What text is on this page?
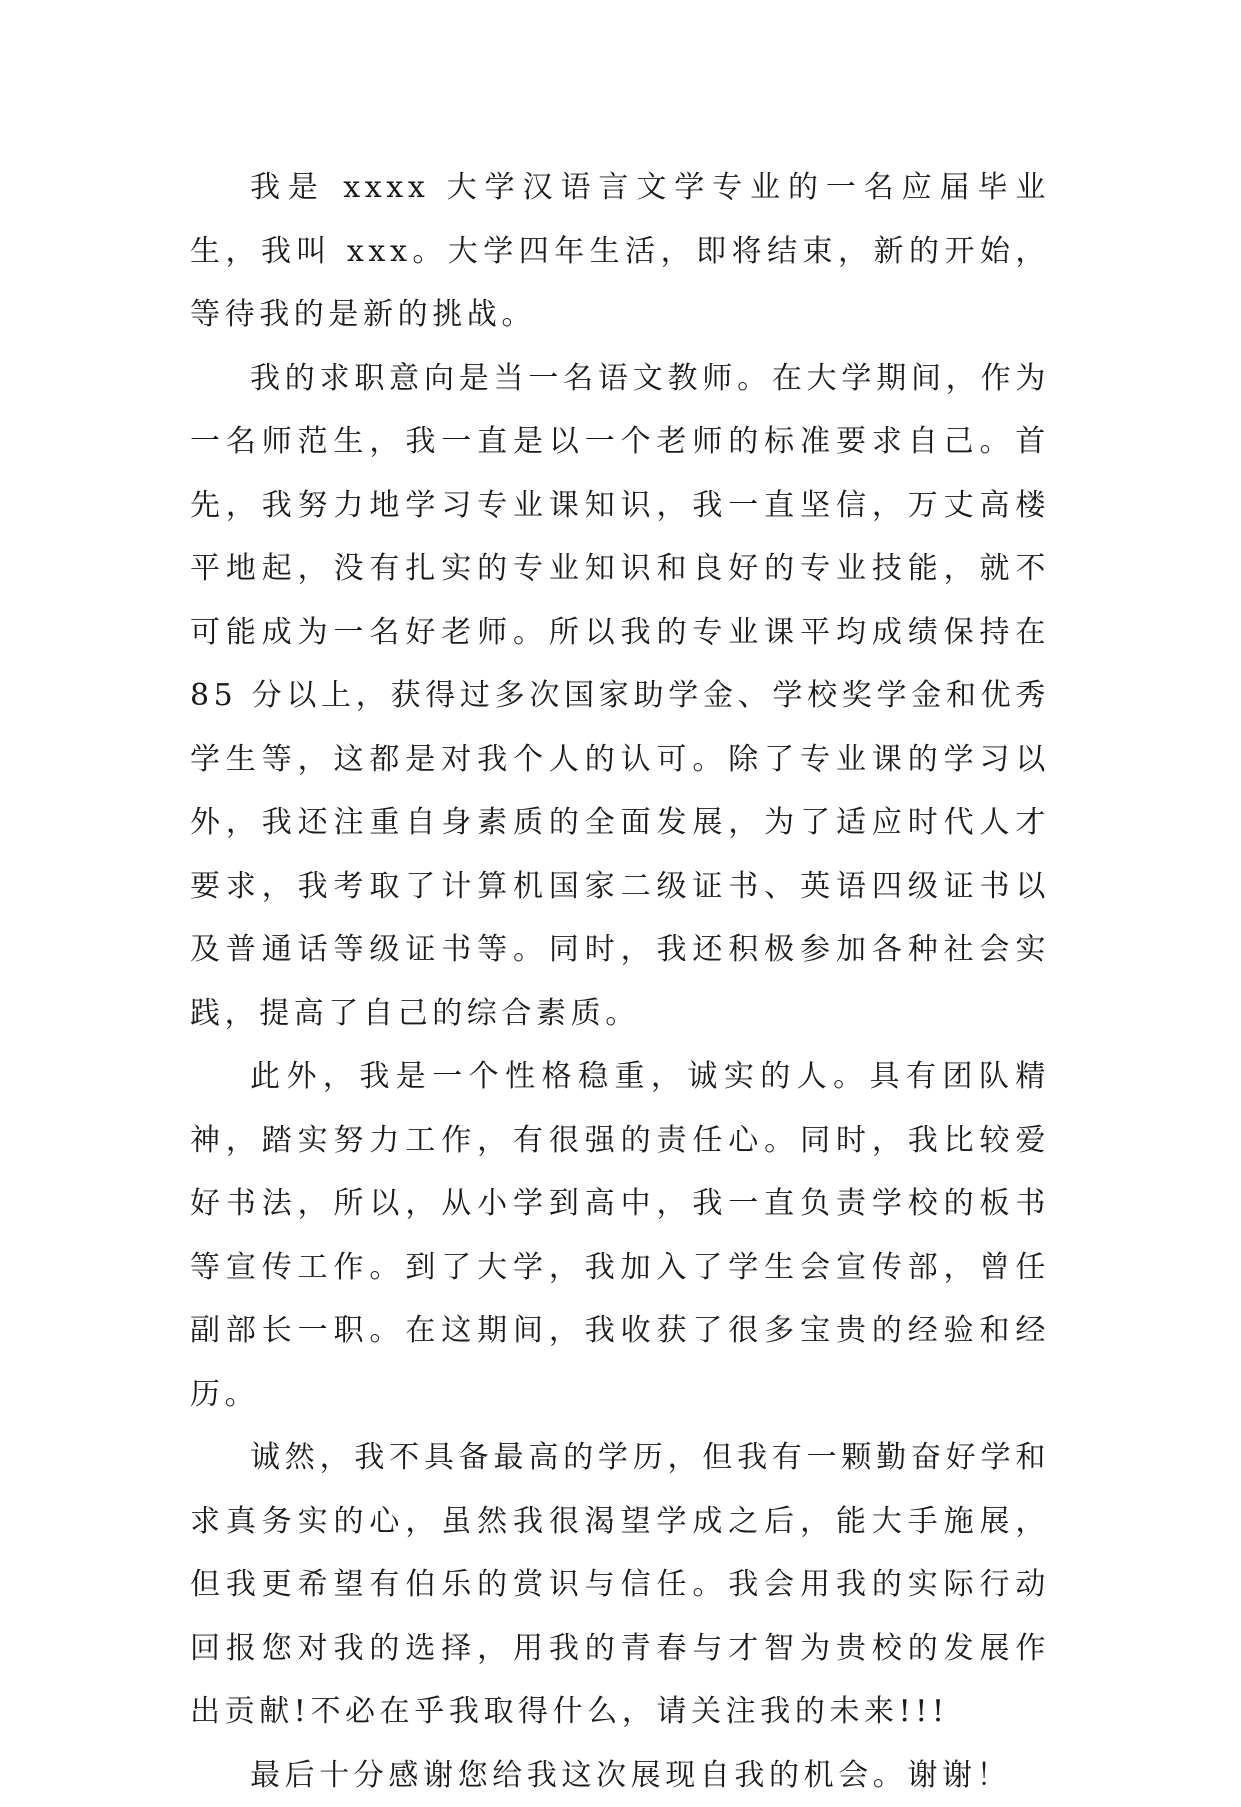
我是 xxxx 大学汉语言文学专业的一名应届毕业生，我叫 xxx。大学四年生活，即将结束，新的开始，等待我的是新的挑战。

我的求职意向是当一名语文教师。在大学期间，作为一名师范生，我一直是以一个老师的标准要求自己。首先，我努力地学习专业课知识，我一直坚信，万丈高楼平地起，没有扎实的专业知识和良好的专业技能，就不可能成为一名好老师。所以我的专业课平均成绩保持在 85 分以上，获得过多次国家助学金、学校奖学金和优秀学生等，这都是对我个人的认可。除了专业课的学习以外，我还注重自身素质的全面发展，为了适应时代人才要求，我考取了计算机国家二级证书、英语四级证书以及普通话等级证书等。同时，我还积极参加各种社会实践，提高了自己的综合素质。

此外，我是一个性格稳重，诚实的人。具有团队精神，踏实努力工作，有很强的责任心。同时，我比较爱好书法，所以，从小学到高中，我一直负责学校的板书等宣传工作。到了大学，我加入了学生会宣传部，曾任副部长一职。在这期间，我收获了很多宝贵的经验和经历。

诚然，我不具备最高的学历，但我有一颗勤奋好学和求真务实的心，虽然我很渴望学成之后，能大手施展，但我更希望有伯乐的赏识与信任。我会用我的实际行动回报您对我的选择，用我的青春与才智为贵校的发展作出贡献!不必在乎我取得什么，请关注我的未来!!!

最后十分感谢您给我这次展现自我的机会。谢谢！
